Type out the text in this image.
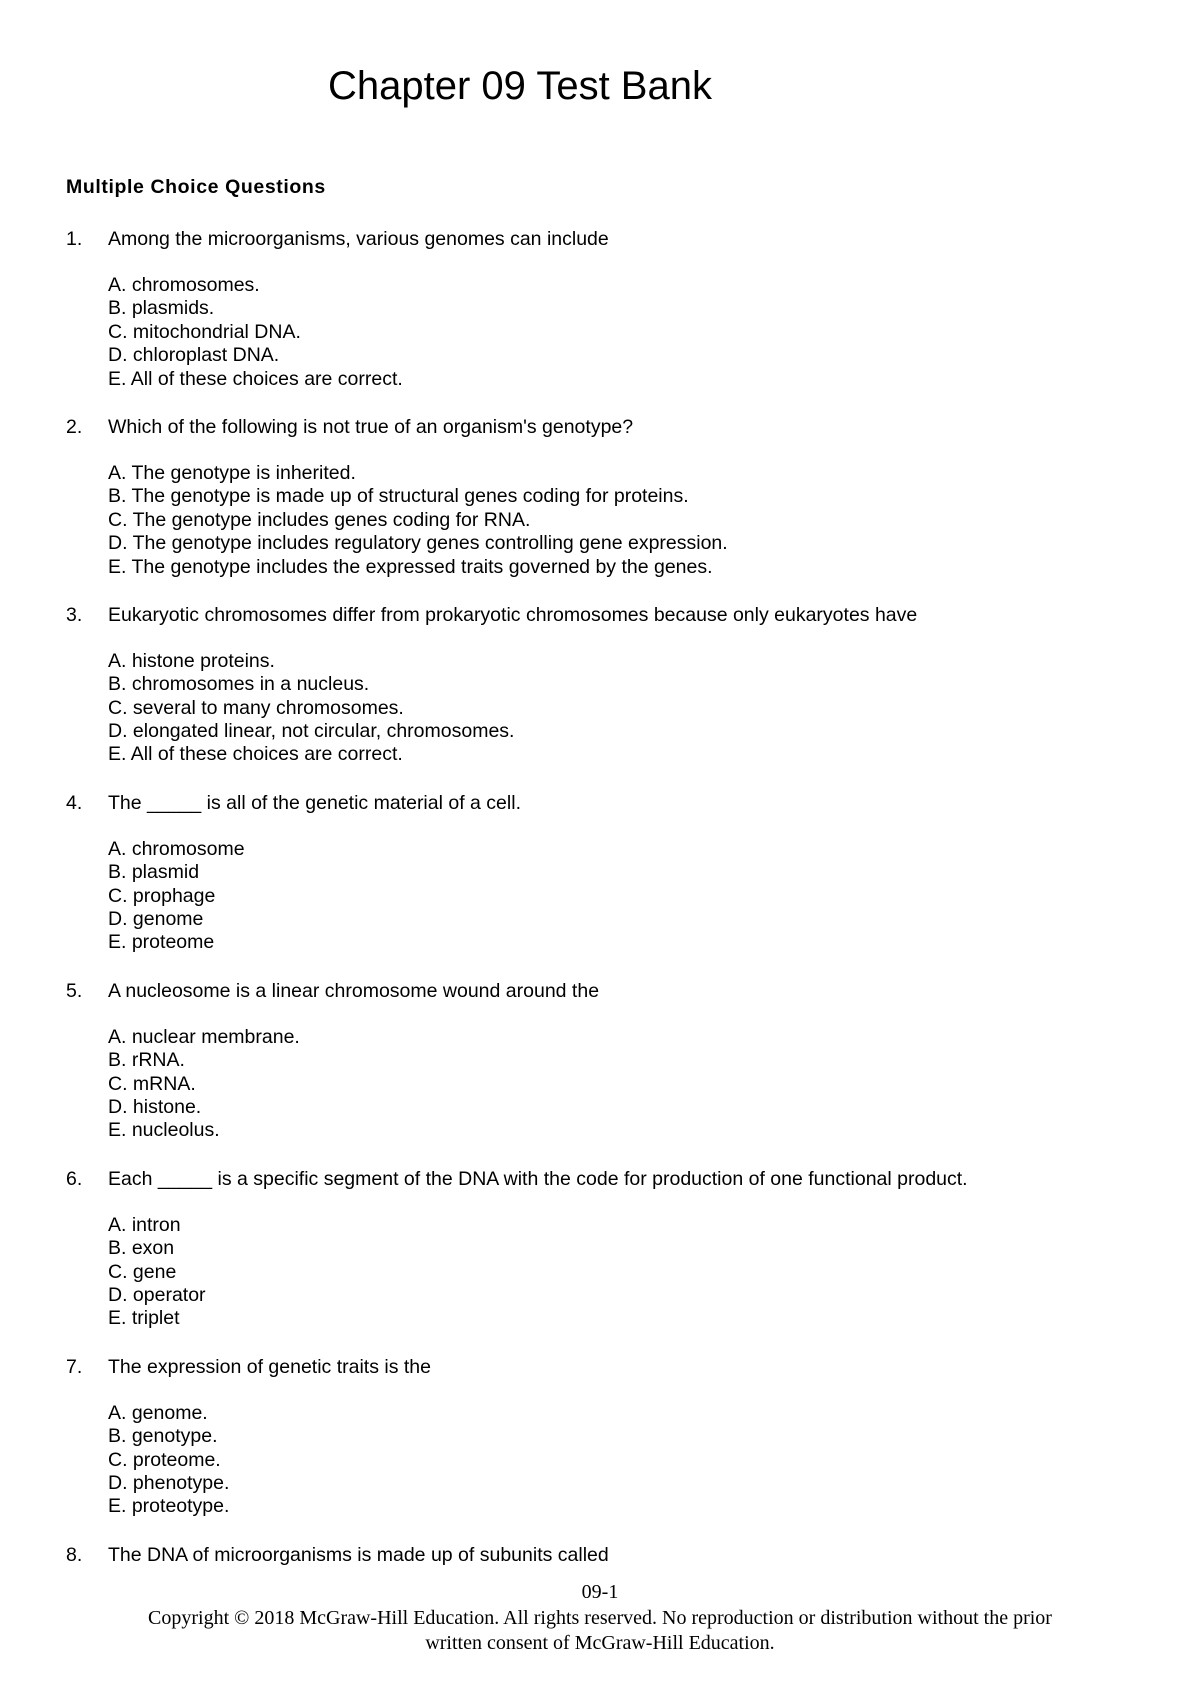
Chapter 09 Test Bank
Multiple Choice Questions
1. Among the microorganisms, various genomes can include
A. chromosomes.
B. plasmids.
C. mitochondrial DNA.
D. chloroplast DNA.
E. All of these choices are correct.
2. Which of the following is not true of an organism's genotype?
A. The genotype is inherited.
B. The genotype is made up of structural genes coding for proteins.
C. The genotype includes genes coding for RNA.
D. The genotype includes regulatory genes controlling gene expression.
E. The genotype includes the expressed traits governed by the genes.
3. Eukaryotic chromosomes differ from prokaryotic chromosomes because only eukaryotes have
A. histone proteins.
B. chromosomes in a nucleus.
C. several to many chromosomes.
D. elongated linear, not circular, chromosomes.
E. All of these choices are correct.
4. The _____ is all of the genetic material of a cell.
A. chromosome
B. plasmid
C. prophage
D. genome
E. proteome
5. A nucleosome is a linear chromosome wound around the
A. nuclear membrane.
B. rRNA.
C. mRNA.
D. histone.
E. nucleolus.
6. Each _____ is a specific segment of the DNA with the code for production of one functional product.
A. intron
B. exon
C. gene
D. operator
E. triplet
7. The expression of genetic traits is the
A. genome.
B. genotype.
C. proteome.
D. phenotype.
E. proteotype.
8. The DNA of microorganisms is made up of subunits called
09-1
Copyright © 2018 McGraw-Hill Education. All rights reserved. No reproduction or distribution without the prior
written consent of McGraw-Hill Education.
